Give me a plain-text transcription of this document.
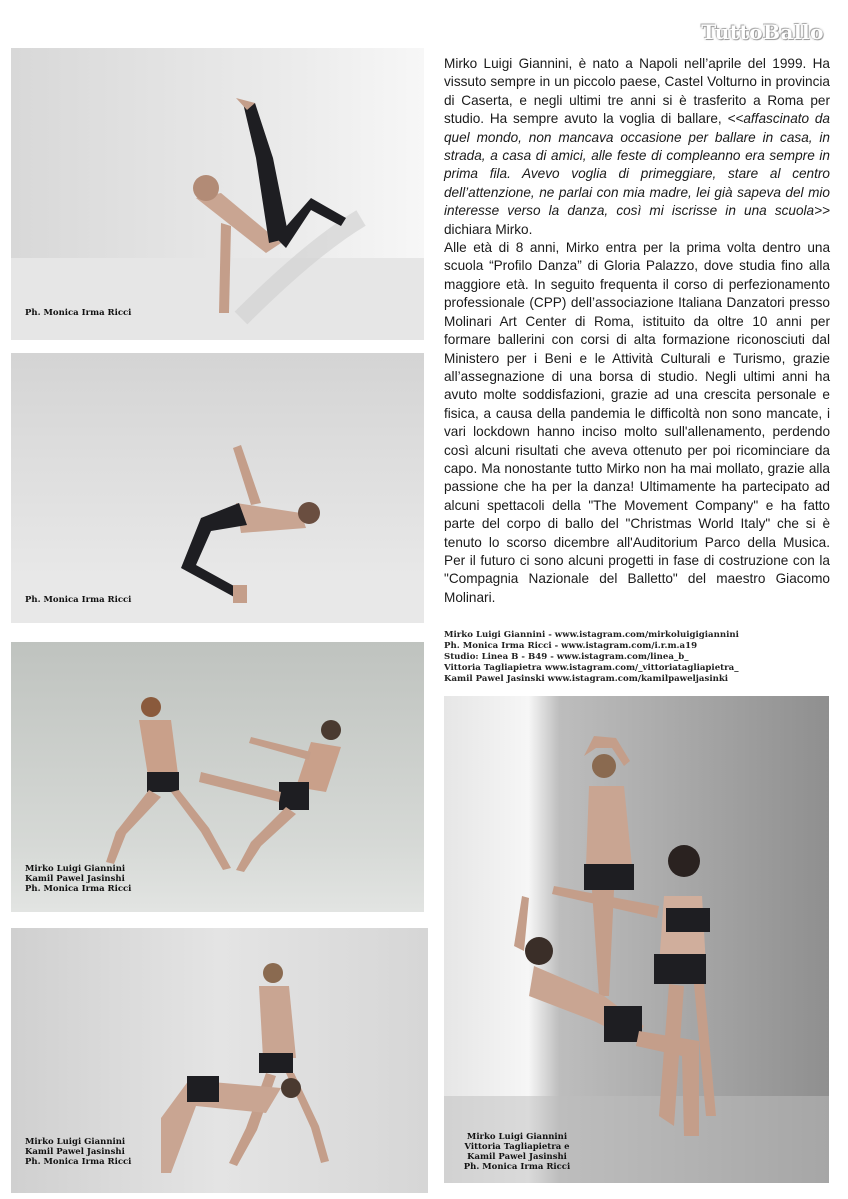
TuttoBallo
Ph. Monica Irma Ricci
Ph. Monica Irma Ricci
Mirko Luigi Giannini
Kamil Pawel Jasinshi
Ph. Monica Irma Ricci
Mirko Luigi Giannini
Kamil Pawel Jasinshi
Ph. Monica Irma Ricci

Mirko Luigi Giannini, è nato a Napoli nell’aprile del 1999. Ha vissuto sempre in un piccolo paese, Castel Volturno in provincia di Caserta, e negli ultimi tre anni si è trasferito a Roma per studio. Ha sempre avuto la voglia di ballare, <<affascinato da quel mondo, non mancava occasione per ballare in casa, in strada, a casa di amici, alle feste di compleanno era sempre in prima fila. Avevo voglia di primeggiare, stare al centro dell’attenzione, ne parlai con mia madre, lei già sapeva del mio interesse verso la danza, così mi iscrisse in una scuola>> dichiara Mirko.

Alle età di 8 anni, Mirko entra per la prima volta dentro una scuola “Profilo Danza” di Gloria Palazzo, dove studia fino alla maggiore età. In seguito frequenta il corso di perfezionamento professionale (CPP) dell’associazione Italiana Danzatori presso Molinari Art Center di Roma, istituito da oltre 10 anni per formare ballerini con corsi di alta formazione riconosciuti dal Ministero per i Beni e le Attività Culturali e Turismo, grazie all’assegnazione di una borsa di studio. Negli ultimi anni ha avuto molte soddisfazioni, grazie ad una crescita personale e fisica, a causa della pandemia le difficoltà non sono mancate, i vari lockdown hanno inciso molto sull'allenamento, perdendo così alcuni risultati che aveva ottenuto per poi ricominciare da capo. Ma nonostante tutto Mirko non ha mai mollato, grazie alla passione che ha per la danza! Ultimamente ha partecipato ad alcuni spettacoli della "The Movement Company" e ha fatto parte del corpo di ballo del "Christmas World Italy" che si è tenuto lo scorso dicembre all'Auditorium Parco della Musica. Per il futuro ci sono alcuni progetti in fase di costruzione con la "Compagnia Nazionale del Balletto" del maestro Giacomo Molinari.

Mirko Luigi Giannini - www.istagram.com/mirkoluigigiannini
Ph. Monica Irma Ricci - www.istagram.com/i.r.m.a19
Studio: Linea B - B49 - www.istagram.com/linea_b_
Vittoria Tagliapietra www.istagram.com/_vittoriatagliapietra_
Kamil Pawel Jasinski www.istagram.com/kamilpaweljasinki
Mirko Luigi Giannini
Vittoria Tagliapietra e
Kamil Pawel Jasinshi
Ph. Monica Irma Ricci
